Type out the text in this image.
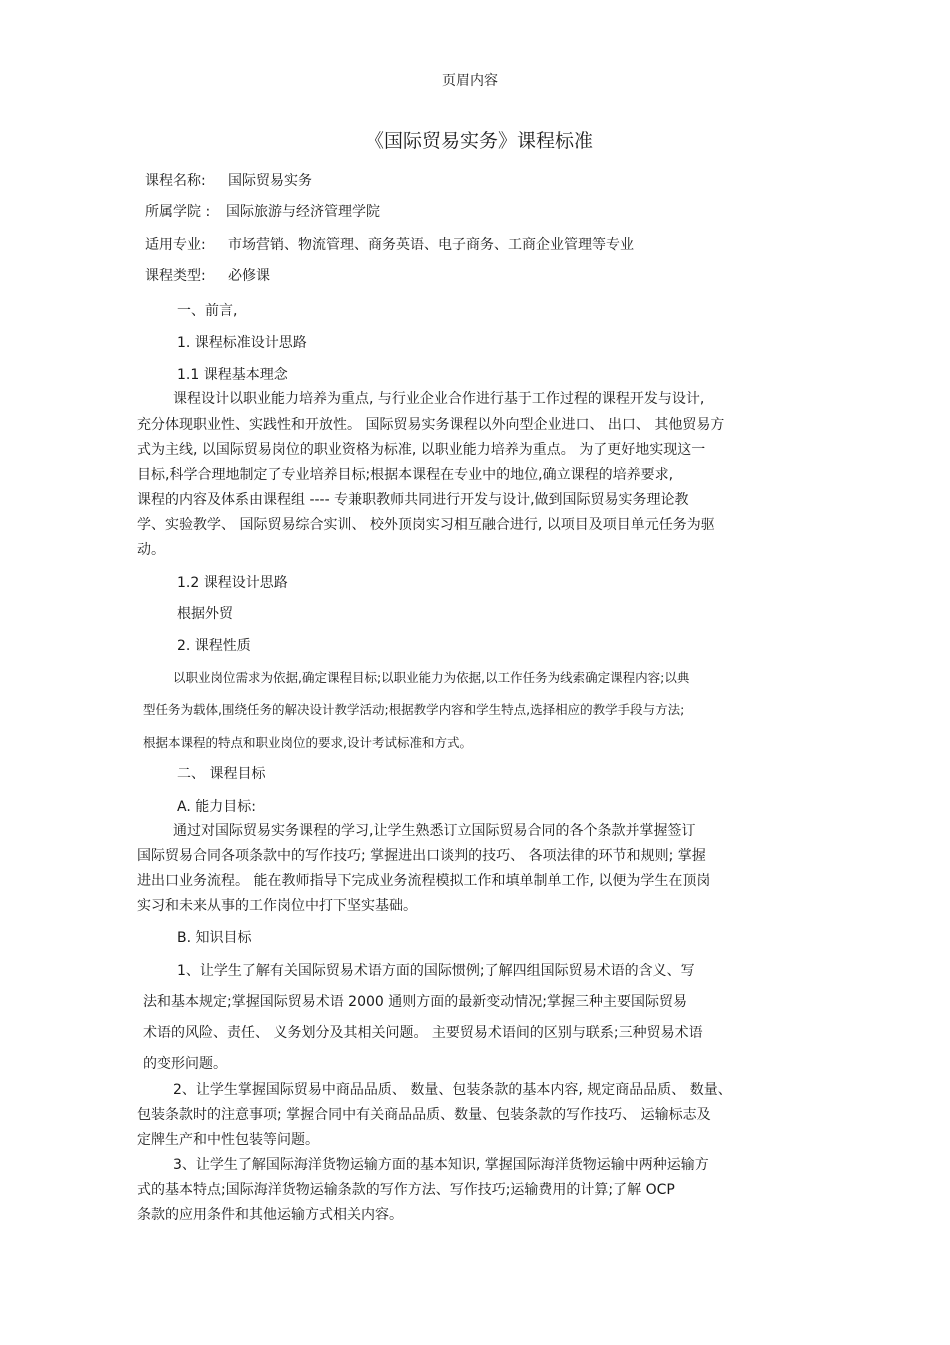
页眉内容
《国际贸易实务》课程标准
课程名称: 国际贸易实务
所属学院 : 国际旅游与经济管理学院
适用专业: 市场营销、物流管理、商务英语、电子商务、工商企业管理等专业
课程类型: 必修课
一、前言,
1. 课程标准设计思路
1.1 课程基本理念
课程设计以职业能力培养为重点, 与行业企业合作进行基于工作过程的课程开发与设计,
充分体现职业性、实践性和开放性。 国际贸易实务课程以外向型企业进口、 出口、 其他贸易方
式为主线, 以国际贸易岗位的职业资格为标准, 以职业能力培养为重点。 为了更好地实现这一
目标,科学合理地制定了专业培养目标;根据本课程在专业中的地位,确立课程的培养要求,
课程的内容及体系由课程组 ---- 专兼职教师共同进行开发与设计,做到国际贸易实务理论教
学、实验教学、 国际贸易综合实训、 校外顶岗实习相互融合进行, 以项目及项目单元任务为驱
动。
1.2 课程设计思路
根据外贸
2. 课程性质
以职业岗位需求为依据,确定课程目标;以职业能力为依据,以工作任务为线索确定课程内容;以典
型任务为载体,围绕任务的解决设计教学活动;根据教学内容和学生特点,选择相应的教学手段与方法;
根据本课程的特点和职业岗位的要求,设计考试标准和方式。
二、 课程目标
A. 能力目标:
通过对国际贸易实务课程的学习,让学生熟悉订立国际贸易合同的各个条款并掌握签订
国际贸易合同各项条款中的写作技巧; 掌握进出口谈判的技巧、 各项法律的环节和规则; 掌握
进出口业务流程。 能在教师指导下完成业务流程模拟工作和填单制单工作, 以便为学生在顶岗
实习和未来从事的工作岗位中打下坚实基础。
B. 知识目标
1、让学生了解有关国际贸易术语方面的国际惯例;了解四组国际贸易术语的含义、写
法和基本规定;掌握国际贸易术语 2000 通则方面的最新变动情况;掌握三种主要国际贸易
术语的风险、责任、 义务划分及其相关问题。 主要贸易术语间的区别与联系;三种贸易术语
的变形问题。
2、让学生掌握国际贸易中商品品质、 数量、包装条款的基本内容, 规定商品品质、 数量、
包装条款时的注意事项; 掌握合同中有关商品品质、数量、包装条款的写作技巧、 运输标志及
定牌生产和中性包装等问题。
3、让学生了解国际海洋货物运输方面的基本知识, 掌握国际海洋货物运输中两种运输方
式的基本特点;国际海洋货物运输条款的写作方法、写作技巧;运输费用的计算;了解 OCP
条款的应用条件和其他运输方式相关内容。
